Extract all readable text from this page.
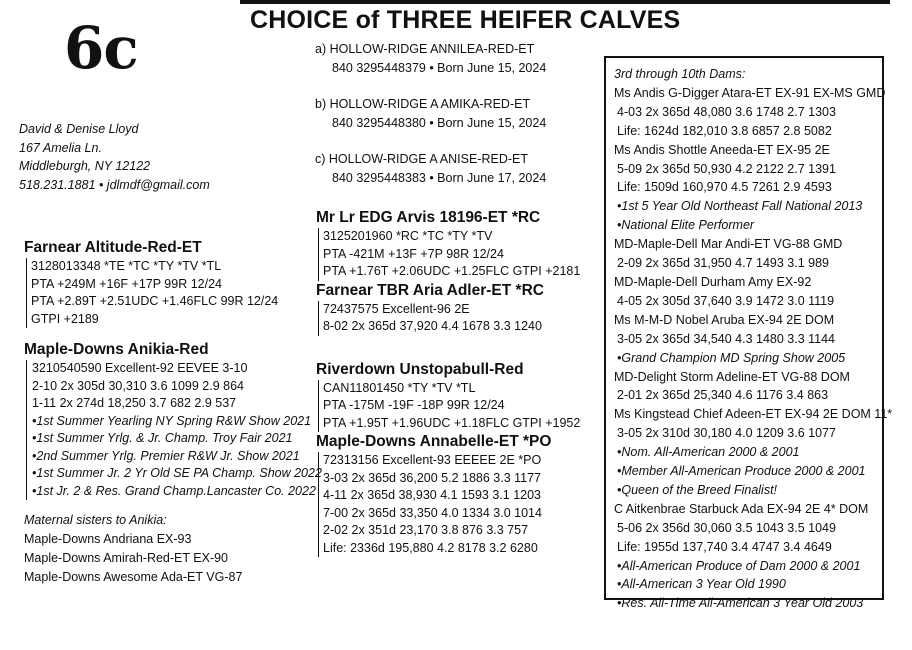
CHOICE of THREE HEIFER CALVES
6c
David & Denise Lloyd
167 Amelia Ln.
Middleburgh, NY 12122
518.231.1881 • jdlmdf@gmail.com
a) HOLLOW-RIDGE ANNILEA-RED-ET
840 3295448379 • Born June 15, 2024
b) HOLLOW-RIDGE A AMIKA-RED-ET
840 3295448380 • Born June 15, 2024
c) HOLLOW-RIDGE A ANISE-RED-ET
840 3295448383 • Born June 17, 2024
Farnear Altitude-Red-ET
3128013348 *TE *TC *TY *TV *TL
PTA +249M +16F +17P 99R 12/24
PTA +2.89T +2.51UDC +1.46FLC 99R 12/24
GTPI +2189
Maple-Downs Anikia-Red
3210540590 Excellent-92 EEVEE 3-10
2-10 2x 305d 30,310 3.6 1099 2.9 864
1-11 2x 274d 18,250 3.7 682 2.9 537
•1st Summer Yearling NY Spring R&W Show 2021
•1st Summer Yrlg. & Jr. Champ. Troy Fair 2021
•2nd Summer Yrlg. Premier R&W Jr. Show 2021
•1st Summer Jr. 2 Yr Old SE PA Champ. Show 2022
•1st Jr. 2 & Res. Grand Champ.Lancaster Co. 2022
Maternal sisters to Anikia:
Maple-Downs Andriana EX-93
Maple-Downs Amirah-Red-ET EX-90
Maple-Downs Awesome Ada-ET VG-87
Mr Lr EDG Arvis 18196-ET *RC
3125201960 *RC *TC *TY *TV
PTA -421M +13F +7P 98R 12/24
PTA +1.76T +2.06UDC +1.25FLC GTPI +2181
Farnear TBR Aria Adler-ET *RC
72437575 Excellent-96 2E
8-02 2x 365d 37,920 4.4 1678 3.3 1240
Riverdown Unstopabull-Red
CAN11801450 *TY *TV *TL
PTA -175M -19F -18P 99R 12/24
PTA +1.95T +1.96UDC +1.18FLC GTPI +1952
Maple-Downs Annabelle-ET *PO
72313156 Excellent-93 EEEEE 2E *PO
3-03 2x 365d 36,200 5.2 1886 3.3 1177
4-11 2x 365d 38,930 4.1 1593 3.1 1203
7-00 2x 365d 33,350 4.0 1334 3.0 1014
2-02 2x 351d 23,170 3.8 876 3.3 757
Life: 2336d 195,880 4.2 8178 3.2 6280
3rd through 10th Dams:
Ms Andis G-Digger Atara-ET EX-91 EX-MS GMD
4-03 2x 365d 48,080 3.6 1748 2.7 1303
Life: 1624d 182,010 3.8 6857 2.8 5082
Ms Andis Shottle Aneeda-ET EX-95 2E
5-09 2x 365d 50,930 4.2 2122 2.7 1391
Life: 1509d 160,970 4.5 7261 2.9 4593
•1st 5 Year Old Northeast Fall National 2013
•National Elite Performer
MD-Maple-Dell Mar Andi-ET VG-88 GMD
2-09 2x 365d 31,950 4.7 1493 3.1 989
MD-Maple-Dell Durham Amy EX-92
4-05 2x 305d 37,640 3.9 1472 3.0 1119
Ms M-M-D Nobel Aruba EX-94 2E DOM
3-05 2x 365d 34,540 4.3 1480 3.3 1144
•Grand Champion MD Spring Show 2005
MD-Delight Storm Adeline-ET VG-88 DOM
2-01 2x 365d 25,340 4.6 1176 3.4 863
Ms Kingstead Chief Adeen-ET EX-94 2E DOM 11*
3-05 2x 310d 30,180 4.0 1209 3.6 1077
•Nom. All-American 2000 & 2001
•Member All-American Produce 2000 & 2001
•Queen of the Breed Finalist!
C Aitkenbrae Starbuck Ada EX-94 2E 4* DOM
5-06 2x 356d 30,060 3.5 1043 3.5 1049
Life: 1955d 137,740 3.4 4747 3.4 4649
•All-American Produce of Dam 2000 & 2001
•All-American 3 Year Old 1990
•Res. All-Time All-American 3 Year Old 2003
